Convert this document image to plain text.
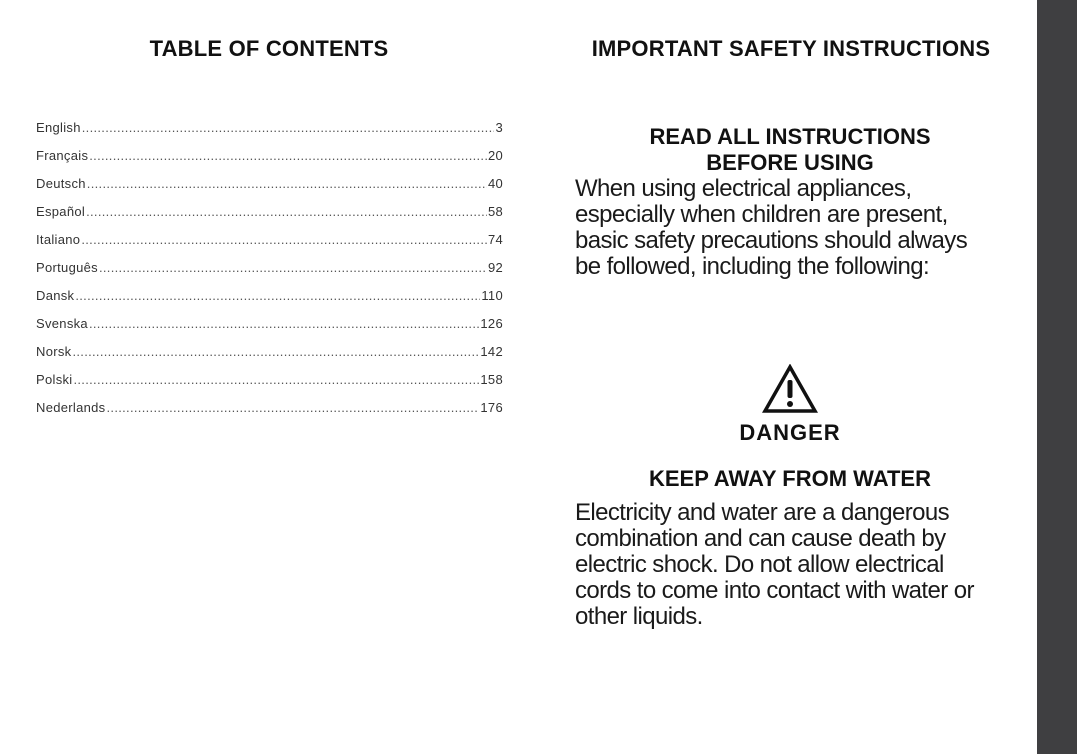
TABLE OF CONTENTS
English .....	3
Français .....	20
Deutsch .....	40
Español .....	58
Italiano .....	74
Português .....	92
Dansk .....	110
Svenska .....	126
Norsk .....	142
Polski .....	158
Nederlands .....	176
IMPORTANT SAFETY INSTRUCTIONS
READ ALL INSTRUCTIONS
BEFORE USING
When using electrical appliances, especially when children are present, basic safety precautions should always be followed, including the following:
DANGER
KEEP AWAY FROM WATER
Electricity and water are a dangerous combination and can cause death by electric shock. Do not allow electrical cords to come into contact with water or other liquids.
